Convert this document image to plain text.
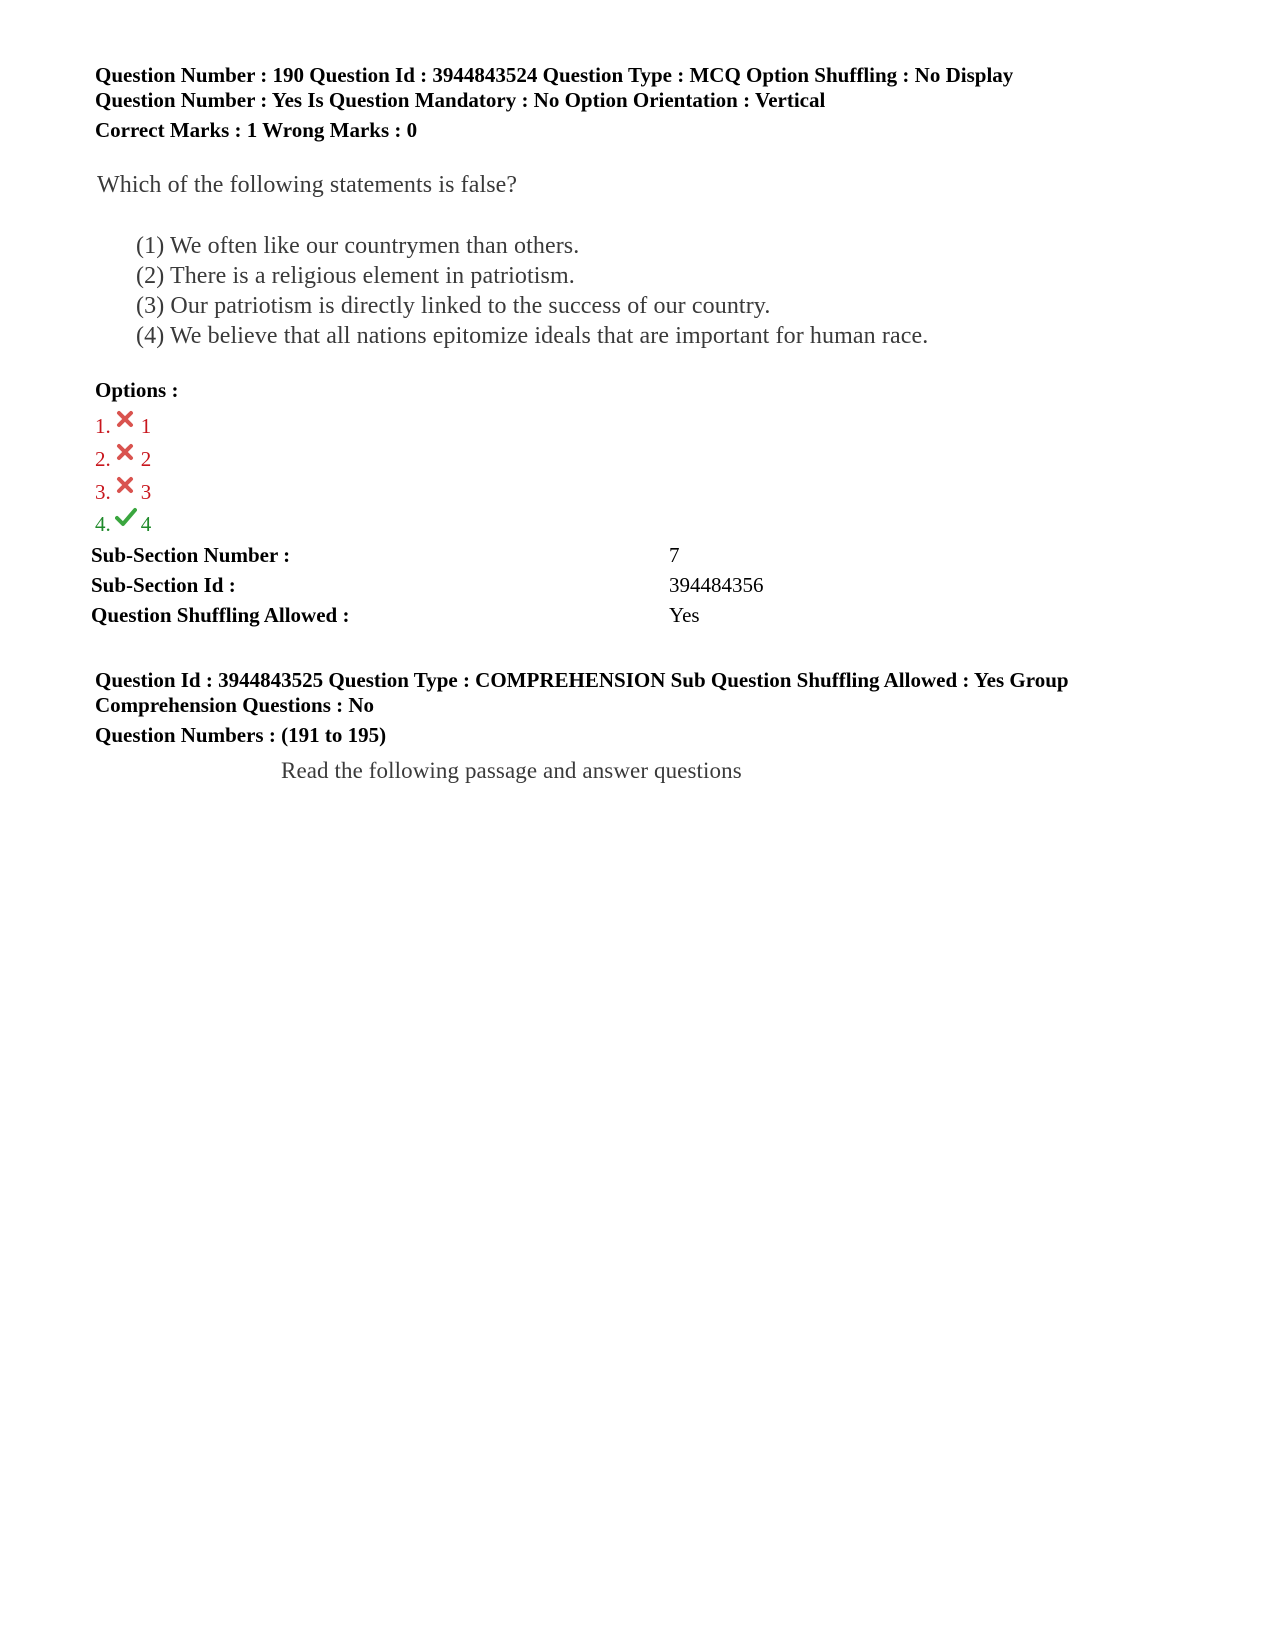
Question Number : 190 Question Id : 3944843524 Question Type : MCQ Option Shuffling : No Display
Question Number : Yes Is Question Mandatory : No Option Orientation : Vertical
Correct Marks : 1 Wrong Marks : 0
Which of the following statements is false?
(1) We often like our countrymen than others.
(2) There is a religious element in patriotism.
(3) Our patriotism is directly linked to the success of our country.
(4) We believe that all nations epitomize ideals that are important for human race.
Options :
1. 1
2. 2
3. 3
4. 4
Sub-Section Number :	7
Sub-Section Id :	394484356
Question Shuffling Allowed :	Yes
Question Id : 3944843525 Question Type : COMPREHENSION Sub Question Shuffling Allowed : Yes Group
Comprehension Questions : No
Question Numbers : (191 to 195)
Read the following passage and answer questions
